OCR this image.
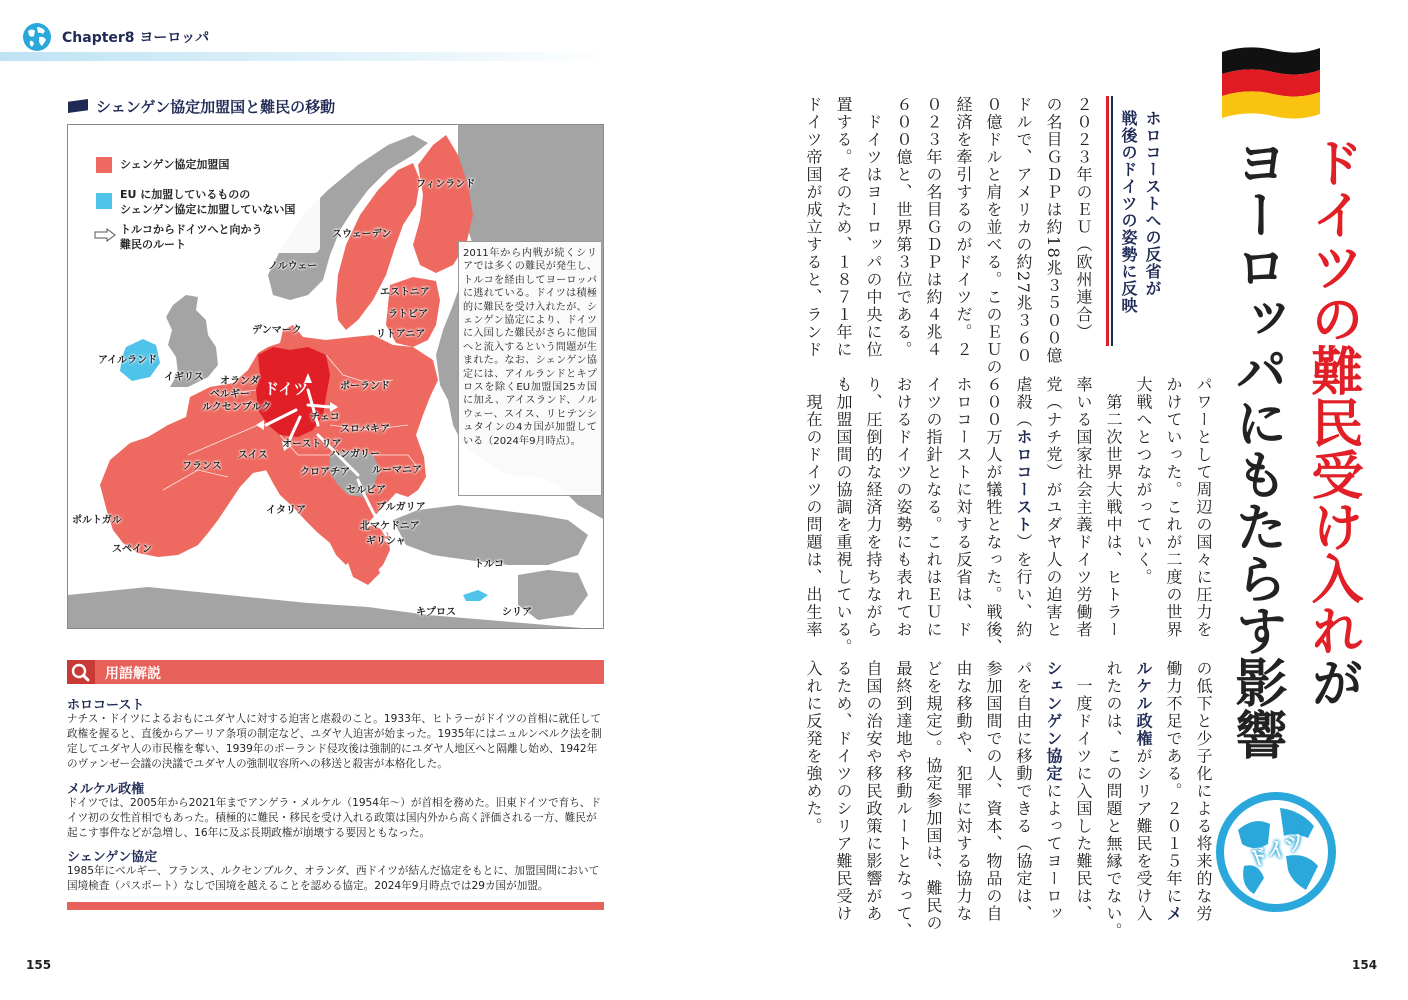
Chapter8 ヨーロッパ
シェンゲン協定加盟国と難民の移動
シェンゲン協定加盟国
EU に加盟しているものの
シェンゲン協定に加盟していない国
トルコからドイツへと向かう
難民のルート
フィンランド
スウェーデン
ノルウェー
エストニア
ラトビア
リトアニア
デンマーク
アイルランド
イギリス オランダ
ベルギー
ルクセンブルク
ドイツ	ポーランド
チェコ
スロバキア
オーストリア
ハンガリー
スイス
フランス
クロアチア ルーマニア
セルビア
ブルガリア
イタリア
北マケドニア
ギリシャ
ポルトガル
スペイン
トルコ
キプロス	シリア
2011年から内戦が続くシリアでは多くの難民が発生し、トルコを経由してヨーロッパに逃れている。ドイツは積極的に難民を受け入れたが、シェンゲン協定により、ドイツに入国した難民がさらに他国へと流入するという問題が生まれた。なお、シェンゲン協定には、アイルランドとキプロスを除くEU加盟国25カ国に加え、アイスランド、ノルウェー、スイス、リヒテンシュタインの4カ国が加盟している（2024年9月時点）。
用語解説
ホロコースト
ナチス・ドイツによるおもにユダヤ人に対する迫害と虐殺のこと。1933年、ヒトラーがドイツの首相に就任して政権を握ると、直後からアーリア条項の制定など、ユダヤ人迫害が始まった。1935年にはニュルンベルク法を制定してユダヤ人の市民権を奪い、1939年のポーランド侵攻後は強制的にユダヤ人地区へと隔離し始め、1942年のヴァンゼー会議の決議でユダヤ人の強制収容所への移送と殺害が本格化した。
メルケル政権
ドイツでは、2005年から2021年までアンゲラ・メルケル（1954年〜）が首相を務めた。旧東ドイツで育ち、ドイツ初の女性首相でもあった。積極的に難民・移民を受け入れる政策は国内外から高く評価される一方、難民が起こす事件などが急増し、16年に及ぶ長期政権が崩壊する要因ともなった。
シェンゲン協定
1985年にベルギー、フランス、ルクセンブルク、オランダ、西ドイツが結んだ協定をもとに、加盟国間において国境検査（パスポート）なしで国境を越えることを認める協定。2024年9月時点では29カ国が加盟。
155
ドイツの難民受け入れが
ヨーロッパにもたらす影響
ドイツ
ホロコーストへの反省が
戦後のドイツの姿勢に反映
２０２３年のＥＵ（欧州連合）
の名目ＧＤＰは約18兆３５００億
ドルで、アメリカの約27兆３６０
０億ドルと肩を並べる。このＥＵの
経済を牽引するのがドイツだ。２
０２３年の名目ＧＤＰは約４兆４
６００億と、世界第３位である。
　ドイツはヨーロッパの中央に位
置する。そのため、１８７１年に
ドイツ帝国が成立すると、ランド
パワーとして周辺の国々に圧力を
かけていった。これが二度の世界
大戦へとつながっていく。
　第二次世界大戦中は、ヒトラー
率いる国家社会主義ドイツ労働者
党（ナチ党）がユダヤ人の迫害と
虐殺（ホロコースト）を行い、約
６００万人が犠牲となった。戦後、
ホロコーストに対する反省は、ド
イツの指針となる。これはＥＵに
おけるドイツの姿勢にも表れてお
り、圧倒的な経済力を持ちながら
も加盟国間の協調を重視している。
　現在のドイツの問題は、出生率
の低下と少子化による将来的な労
働力不足である。２０１５年にメ
ルケル政権がシリア難民を受け入
れたのは、この問題と無縁でない。
　一度ドイツに入国した難民は、
シェンゲン協定によってヨーロッ
パを自由に移動できる（協定は、
参加国間での人、資本、物品の自
由な移動や、犯罪に対する協力な
どを規定）。協定参加国は、難民の
最終到達地や移動ルートとなって、
自国の治安や移民政策に影響があ
るため、ドイツのシリア難民受け
入れに反発を強めた。
154
